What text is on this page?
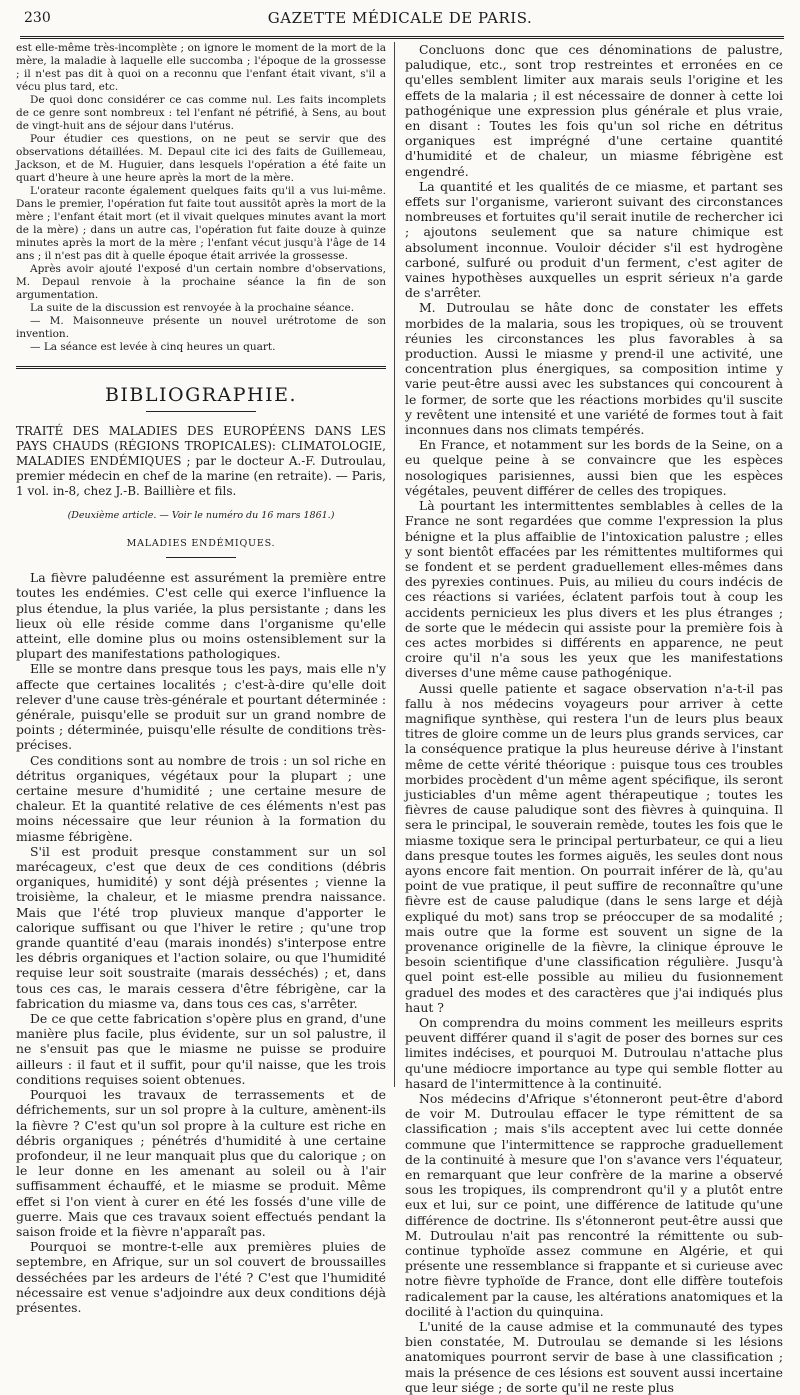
230	GAZETTE MÉDICALE DE PARIS.

est elle-même très-incomplète ; on ignore le moment de la mort de la mère, la maladie à laquelle elle succomba ; l'époque de la grossesse ; il n'est pas dit à quoi on a reconnu que l'enfant était vivant, s'il a vécu plus tard, etc.

De quoi donc considérer ce cas comme nul. Les faits incomplets de ce genre sont nombreux : tel l'enfant né pétrifié, à Sens, au bout de vingt-huit ans de séjour dans l'utérus.

Pour étudier ces questions, on ne peut se servir que des observations détaillées. M. Depaul cite ici des faits de Guillemeau, Jackson, et de M. Huguier, dans lesquels l'opération a été faite un quart d'heure à une heure après la mort de la mère.

L'orateur raconte également quelques faits qu'il a vus lui-même. Dans le premier, l'opération fut faite tout aussitôt après la mort de la mère ; l'enfant était mort (et il vivait quelques minutes avant la mort de la mère) ; dans un autre cas, l'opération fut faite douze à quinze minutes après la mort de la mère ; l'enfant vécut jusqu'à l'âge de 14 ans ; il n'est pas dit à quelle époque était arrivée la grossesse.

Après avoir ajouté l'exposé d'un certain nombre d'observations, M. Depaul renvoie à la prochaine séance la fin de son argumentation.

La suite de la discussion est renvoyée à la prochaine séance.

— M. Maisonneuve présente un nouvel urétrotome de son invention.

— La séance est levée à cinq heures un quart.

BIBLIOGRAPHIE.

TRAITÉ DES MALADIES DES EUROPÉENS DANS LES PAYS CHAUDS (RÉGIONS TROPICALES): CLIMATOLOGIE, MALADIES ENDÉMIQUES ; par le docteur A.-F. Dutroulau, premier médecin en chef de la marine (en retraite). — Paris, 1 vol. in-8, chez J.-B. Baillière et fils.

(Deuxième article. — Voir le numéro du 16 mars 1861.)
MALADIES ENDÉMIQUES.

La fièvre paludéenne est assurément la première entre toutes les endémies. C'est celle qui exerce l'influence la plus étendue, la plus variée, la plus persistante ; dans les lieux où elle réside comme dans l'organisme qu'elle atteint, elle domine plus ou moins ostensiblement sur la plupart des manifestations pathologiques.

Elle se montre dans presque tous les pays, mais elle n'y affecte que certaines localités ; c'est-à-dire qu'elle doit relever d'une cause très-générale et pourtant déterminée : générale, puisqu'elle se produit sur un grand nombre de points ; déterminée, puisqu'elle résulte de conditions très-précises.

Ces conditions sont au nombre de trois : un sol riche en détritus organiques, végétaux pour la plupart ; une certaine mesure d'humidité ; une certaine mesure de chaleur. Et la quantité relative de ces éléments n'est pas moins nécessaire que leur réunion à la formation du miasme fébrigène.

S'il est produit presque constamment sur un sol marécageux, c'est que deux de ces conditions (débris organiques, humidité) y sont déjà présentes ; vienne la troisième, la chaleur, et le miasme prendra naissance. Mais que l'été trop pluvieux manque d'apporter le calorique suffisant ou que l'hiver le retire ; qu'une trop grande quantité d'eau (marais inondés) s'interpose entre les débris organiques et l'action solaire, ou que l'humidité requise leur soit soustraite (marais desséchés) ; et, dans tous ces cas, le marais cessera d'être fébrigène, car la fabrication du miasme va, dans tous ces cas, s'arrêter.

De ce que cette fabrication s'opère plus en grand, d'une manière plus facile, plus évidente, sur un sol palustre, il ne s'ensuit pas que le miasme ne puisse se produire ailleurs : il faut et il suffit, pour qu'il naisse, que les trois conditions requises soient obtenues.

Pourquoi les travaux de terrassements et de défrichements, sur un sol propre à la culture, amènent-ils la fièvre ? C'est qu'un sol propre à la culture est riche en débris organiques ; pénétrés d'humidité à une certaine profondeur, il ne leur manquait plus que du calorique ; on le leur donne en les amenant au soleil ou à l'air suffisamment échauffé, et le miasme se produit. Même effet si l'on vient à curer en été les fossés d'une ville de guerre. Mais que ces travaux soient effectués pendant la saison froide et la fièvre n'apparaît pas.

Pourquoi se montre-t-elle aux premières pluies de septembre, en Afrique, sur un sol couvert de broussailles desséchées par les ardeurs de l'été ? C'est que l'humidité nécessaire est venue s'adjoindre aux deux conditions déjà présentes.

Concluons donc que ces dénominations de palustre, paludique, etc., sont trop restreintes et erronées en ce qu'elles semblent limiter aux marais seuls l'origine et les effets de la malaria ; il est nécessaire de donner à cette loi pathogénique une expression plus générale et plus vraie, en disant : Toutes les fois qu'un sol riche en détritus organiques est imprégné d'une certaine quantité d'humidité et de chaleur, un miasme fébrigène est engendré.

La quantité et les qualités de ce miasme, et partant ses effets sur l'organisme, varieront suivant des circonstances nombreuses et fortuites qu'il serait inutile de rechercher ici ; ajoutons seulement que sa nature chimique est absolument inconnue. Vouloir décider s'il est hydrogène carboné, sulfuré ou produit d'un ferment, c'est agiter de vaines hypothèses auxquelles un esprit sérieux n'a garde de s'arrêter.

M. Dutroulau se hâte donc de constater les effets morbides de la malaria, sous les tropiques, où se trouvent réunies les circonstances les plus favorables à sa production. Aussi le miasme y prend-il une activité, une concentration plus énergiques, sa composition intime y varie peut-être aussi avec les substances qui concourent à le former, de sorte que les réactions morbides qu'il suscite y revêtent une intensité et une variété de formes tout à fait inconnues dans nos climats tempérés.

En France, et notamment sur les bords de la Seine, on a eu quelque peine à se convaincre que les espèces nosologiques parisiennes, aussi bien que les espèces végétales, peuvent différer de celles des tropiques.

Là pourtant les intermittentes semblables à celles de la France ne sont regardées que comme l'expression la plus bénigne et la plus affaiblie de l'intoxication palustre ; elles y sont bientôt effacées par les rémittentes multiformes qui se fondent et se perdent graduellement elles-mêmes dans des pyrexies continues. Puis, au milieu du cours indécis de ces réactions si variées, éclatent parfois tout à coup les accidents pernicieux les plus divers et les plus étranges ; de sorte que le médecin qui assiste pour la première fois à ces actes morbides si différents en apparence, ne peut croire qu'il n'a sous les yeux que les manifestations diverses d'une même cause pathogénique.

Aussi quelle patiente et sagace observation n'a-t-il pas fallu à nos médecins voyageurs pour arriver à cette magnifique synthèse, qui restera l'un de leurs plus beaux titres de gloire comme un de leurs plus grands services, car la conséquence pratique la plus heureuse dérive à l'instant même de cette vérité théorique : puisque tous ces troubles morbides procèdent d'un même agent spécifique, ils seront justiciables d'un même agent thérapeutique ; toutes les fièvres de cause paludique sont des fièvres à quinquina. Il sera le principal, le souverain remède, toutes les fois que le miasme toxique sera le principal perturbateur, ce qui a lieu dans presque toutes les formes aiguës, les seules dont nous ayons encore fait mention. On pourrait inférer de là, qu'au point de vue pratique, il peut suffire de reconnaître qu'une fièvre est de cause paludique (dans le sens large et déjà expliqué du mot) sans trop se préoccuper de sa modalité ; mais outre que la forme est souvent un signe de la provenance originelle de la fièvre, la clinique éprouve le besoin scientifique d'une classification régulière. Jusqu'à quel point est-elle possible au milieu du fusionnement graduel des modes et des caractères que j'ai indiqués plus haut ?

On comprendra du moins comment les meilleurs esprits peuvent différer quand il s'agit de poser des bornes sur ces limites indécises, et pourquoi M. Dutroulau n'attache plus qu'une médiocre importance au type qui semble flotter au hasard de l'intermittence à la continuité.

Nos médecins d'Afrique s'étonneront peut-être d'abord de voir M. Dutroulau effacer le type rémittent de sa classification ; mais s'ils acceptent avec lui cette donnée commune que l'intermittence se rapproche graduellement de la continuité à mesure que l'on s'avance vers l'équateur, en remarquant que leur confrère de la marine a observé sous les tropiques, ils comprendront qu'il y a plutôt entre eux et lui, sur ce point, une différence de latitude qu'une différence de doctrine. Ils s'étonneront peut-être aussi que M. Dutroulau n'ait pas rencontré la rémittente ou sub-continue typhoïde assez commune en Algérie, et qui présente une ressemblance si frappante et si curieuse avec notre fièvre typhoïde de France, dont elle diffère toutefois radicalement par la cause, les altérations anatomiques et la docilité à l'action du quinquina.

L'unité de la cause admise et la communauté des types bien constatée, M. Dutroulau se demande si les lésions anatomiques pourront servir de base à une classification ; mais la présence de ces lésions est souvent aussi incertaine que leur siége ; de sorte qu'il ne reste plus
